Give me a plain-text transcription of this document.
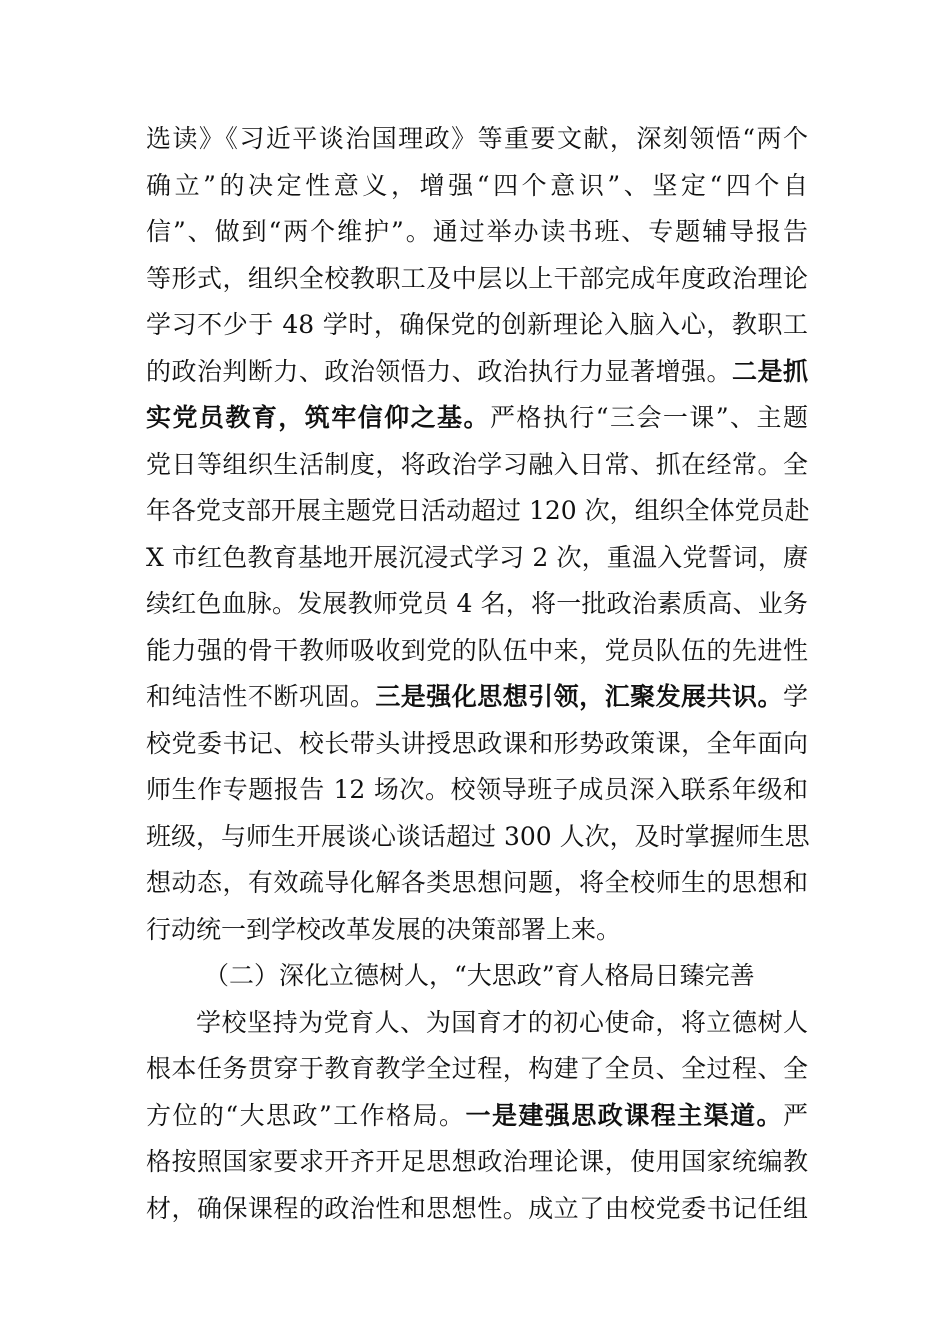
选读》《习近平谈治国理政》等重要文献，深刻领悟“两个
确立”的决定性意义，增强“四个意识”、坚定“四个自
信”、做到“两个维护”。通过举办读书班、专题辅导报告
等形式，组织全校教职工及中层以上干部完成年度政治理论
学习不少于 48 学时，确保党的创新理论入脑入心，教职工
的政治判断力、政治领悟力、政治执行力显著增强。二是抓
实党员教育，筑牢信仰之基。严格执行“三会一课”、主题
党日等组织生活制度，将政治学习融入日常、抓在经常。全
年各党支部开展主题党日活动超过 120 次，组织全体党员赴
X 市红色教育基地开展沉浸式学习 2 次，重温入党誓词，赓
续红色血脉。发展教师党员 4 名，将一批政治素质高、业务
能力强的骨干教师吸收到党的队伍中来，党员队伍的先进性
和纯洁性不断巩固。三是强化思想引领，汇聚发展共识。学
校党委书记、校长带头讲授思政课和形势政策课，全年面向
师生作专题报告 12 场次。校领导班子成员深入联系年级和
班级，与师生开展谈心谈话超过 300 人次，及时掌握师生思
想动态，有效疏导化解各类思想问题，将全校师生的思想和
行动统一到学校改革发展的决策部署上来。
（二）深化立德树人，“大思政”育人格局日臻完善
学校坚持为党育人、为国育才的初心使命，将立德树人
根本任务贯穿于教育教学全过程，构建了全员、全过程、全
方位的“大思政”工作格局。一是建强思政课程主渠道。严
格按照国家要求开齐开足思想政治理论课，使用国家统编教
材，确保课程的政治性和思想性。成立了由校党委书记任组
